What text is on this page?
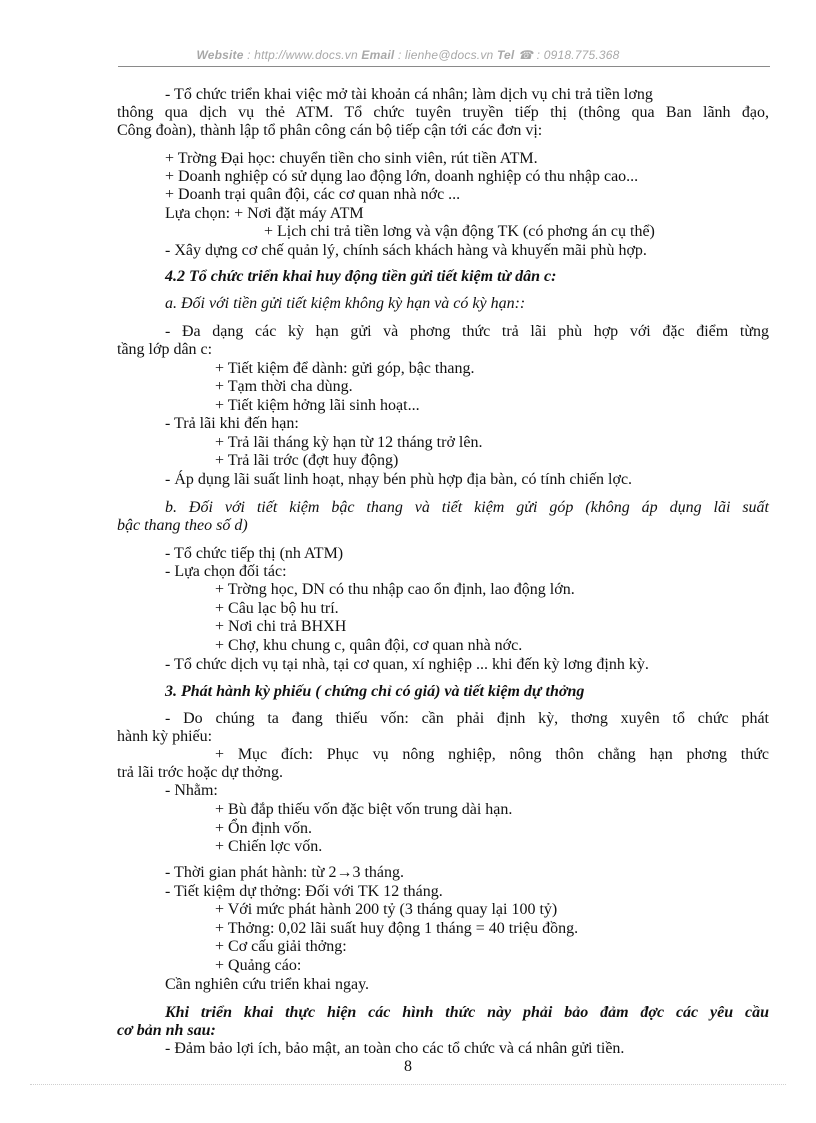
Website : http://www.docs.vn Email : lienhe@docs.vn Tel ☎ : 0918.775.368
- Tổ chức triển khai việc mở tài khoản cá nhân; làm dịch vụ chi trả tiền lơng
thông qua dịch vụ thẻ ATM. Tổ chức tuyên truyền tiếp thị (thông qua Ban lãnh đạo,
Công đoàn), thành lập tổ phân công cán bộ tiếp cận tới các đơn vị:
+ Trờng Đại học: chuyển tiền cho sinh viên, rút tiền ATM.
+ Doanh nghiệp có sử dụng lao động lớn, doanh nghiệp có thu nhập cao...
+ Doanh trại quân đội, các cơ quan nhà nớc ...
Lựa chọn: + Nơi đặt máy ATM
+ Lịch chi trả tiền lơng và vận động TK (có phơng án cụ thể)
- Xây dựng cơ chế quản lý, chính sách khách hàng và khuyến mãi phù hợp.
4.2 Tổ chức triển khai huy động tiền gửi tiết kiệm từ dân c:
a. Đối với tiền gửi tiết kiệm không kỳ hạn và có kỳ hạn::
- Đa dạng các kỳ hạn gửi và phơng thức trả lãi phù hợp với đặc điểm từng
tầng lớp dân c:
+ Tiết kiệm để dành: gửi góp, bậc thang.
+ Tạm thời cha dùng.
+ Tiết kiệm hởng lãi sinh hoạt...
- Trả lãi khi đến hạn:
+ Trả lãi tháng kỳ hạn từ 12 tháng trở lên.
+ Trả lãi trớc (đợt huy động)
- Áp dụng lãi suất linh hoạt, nhạy bén phù hợp địa bàn, có tính chiến lợc.
b. Đối với tiết kiệm bậc thang và tiết kiệm gửi góp (không áp dụng lãi suất
bậc thang theo số d)
- Tổ chức tiếp thị (nh ATM)
- Lựa chọn đối tác:
+ Trờng học, DN có thu nhập cao ổn định, lao động lớn.
+ Câu lạc bộ hu trí.
+ Nơi chi trả BHXH
+ Chợ, khu chung c, quân đội, cơ quan nhà nớc.
- Tổ chức dịch vụ tại nhà, tại cơ quan, xí nghiệp ... khi đến kỳ lơng định kỳ.
3. Phát hành kỳ phiếu ( chứng chỉ có giá) và tiết kiệm dự thởng
- Do chúng ta đang thiếu vốn: cần phải định kỳ, thơng xuyên tổ chức phát
hành kỳ phiếu:
+ Mục đích: Phục vụ nông nghiệp, nông thôn chẳng hạn phơng thức
trả lãi trớc hoặc dự thởng.
- Nhằm:
+ Bù đắp thiếu vốn đặc biệt vốn trung dài hạn.
+ Ổn định vốn.
+ Chiến lợc vốn.
- Thời gian phát hành: từ 2→3 tháng.
- Tiết kiệm dự thởng: Đối với TK 12 tháng.
+ Với mức phát hành 200 tỷ (3 tháng quay lại 100 tỷ)
+ Thởng: 0,02 lãi suất huy động 1 tháng = 40 triệu đồng.
+ Cơ cấu giải thởng:
+ Quảng cáo:
Cần nghiên cứu triển khai ngay.
Khi triển khai thực hiện các hình thức này phải bảo đảm đợc các yêu cầu
cơ bản nh sau:
- Đảm bảo lợi ích, bảo mật, an toàn cho các tổ chức và cá nhân gửi tiền.
8
